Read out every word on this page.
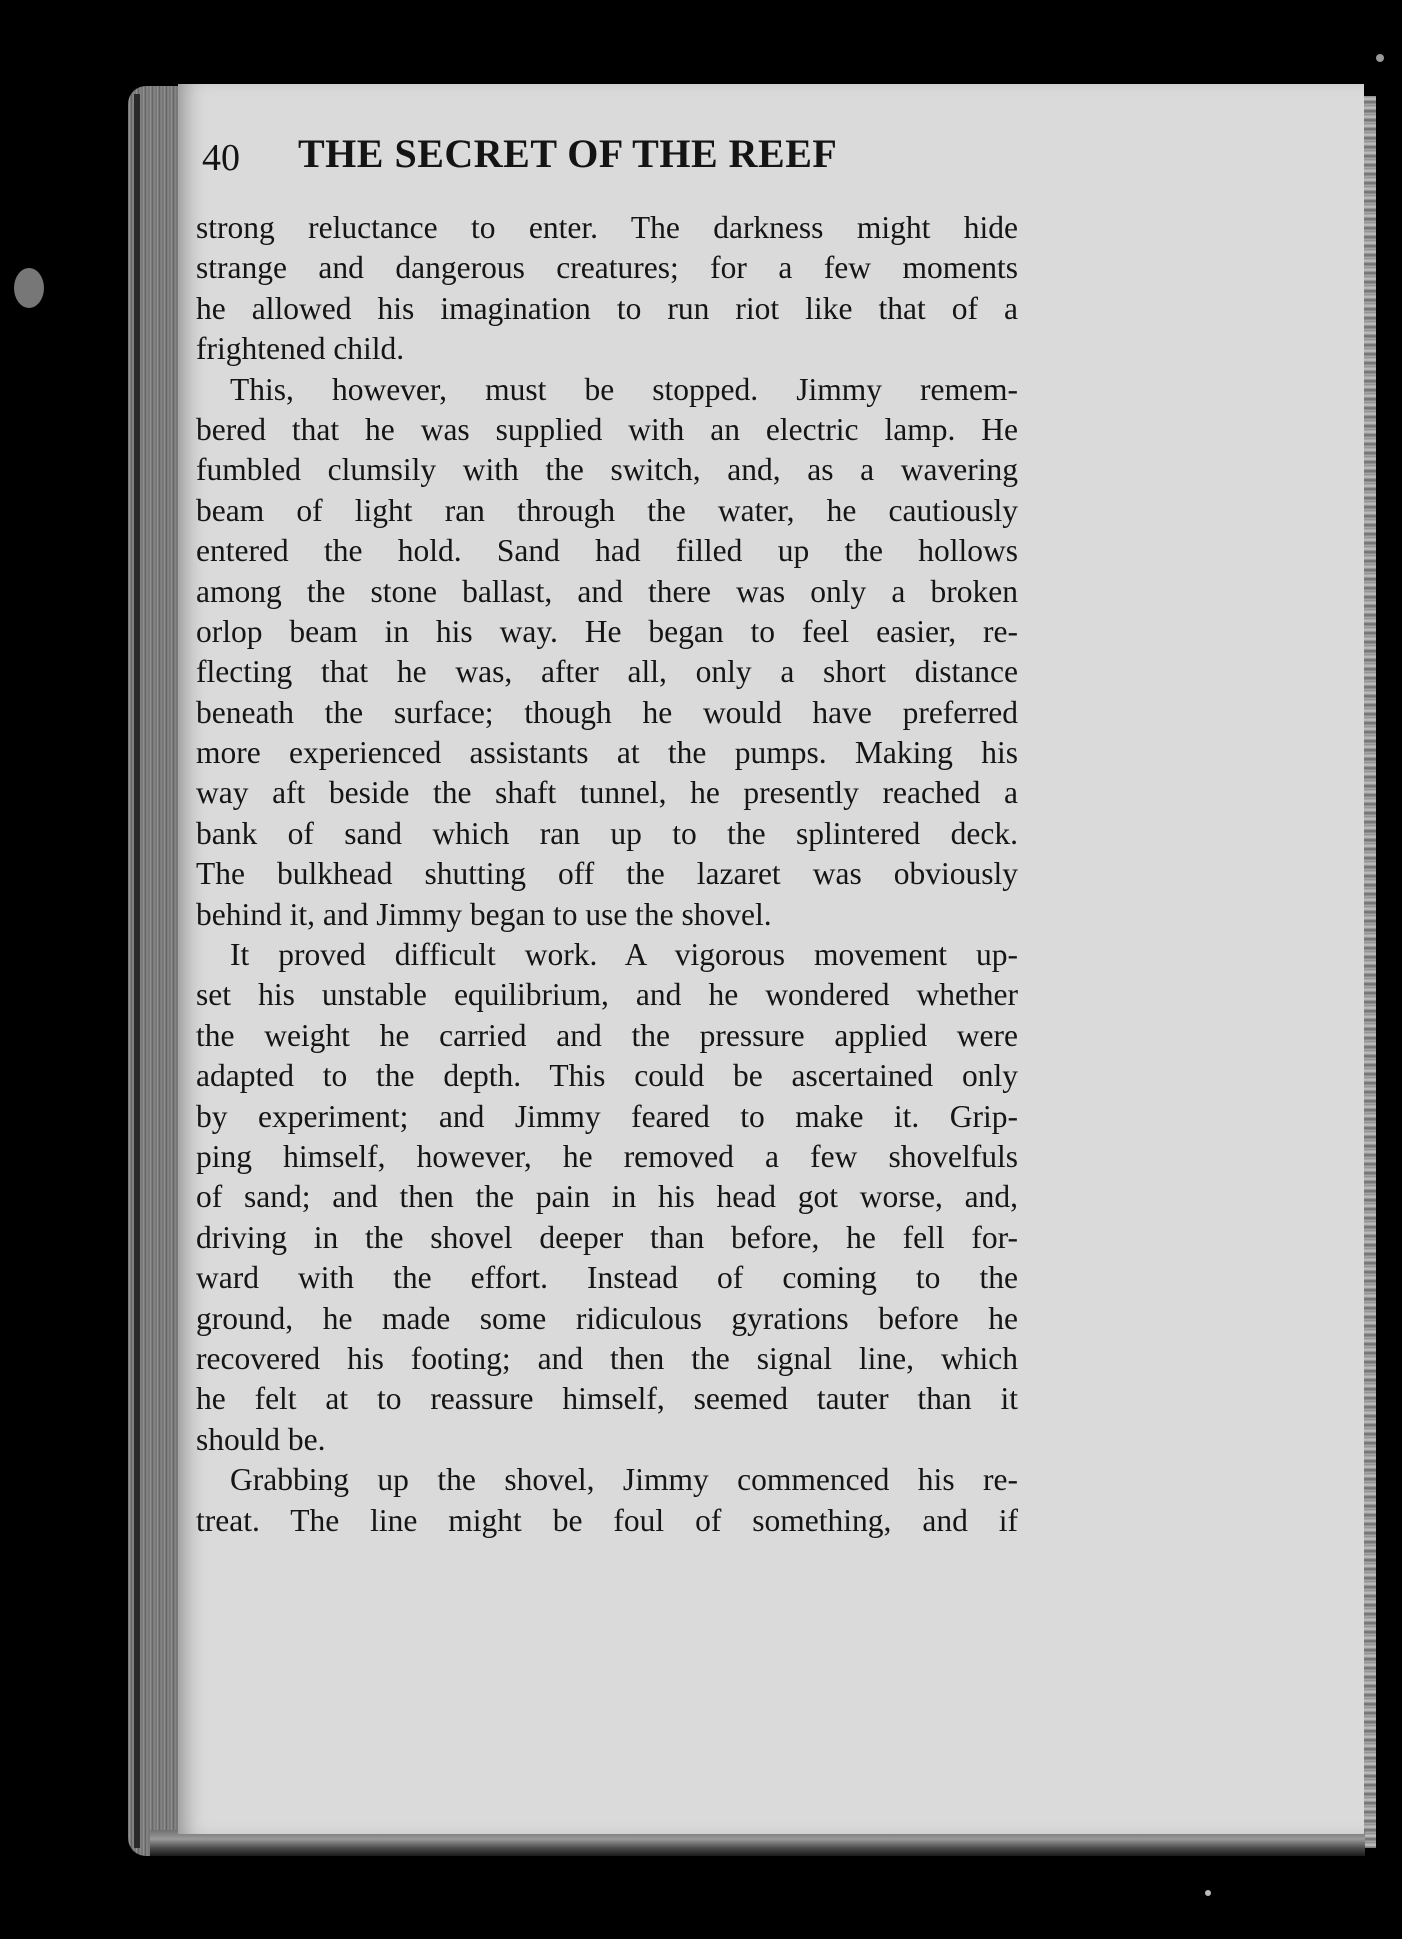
40 THE SECRET OF THE REEF
strong reluctance to enter. The darkness might hide
strange and dangerous creatures; for a few moments
he allowed his imagination to run riot like that of a
frightened child.
This, however, must be stopped. Jimmy remem-
bered that he was supplied with an electric lamp. He
fumbled clumsily with the switch, and, as a wavering
beam of light ran through the water, he cautiously
entered the hold. Sand had filled up the hollows
among the stone ballast, and there was only a broken
orlop beam in his way. He began to feel easier, re-
flecting that he was, after all, only a short distance
beneath the surface; though he would have preferred
more experienced assistants at the pumps. Making his
way aft beside the shaft tunnel, he presently reached a
bank of sand which ran up to the splintered deck.
The bulkhead shutting off the lazaret was obviously
behind it, and Jimmy began to use the shovel.
It proved difficult work. A vigorous movement up-
set his unstable equilibrium, and he wondered whether
the weight he carried and the pressure applied were
adapted to the depth. This could be ascertained only
by experiment; and Jimmy feared to make it. Grip-
ping himself, however, he removed a few shovelfuls
of sand; and then the pain in his head got worse, and,
driving in the shovel deeper than before, he fell for-
ward with the effort. Instead of coming to the
ground, he made some ridiculous gyrations before he
recovered his footing; and then the signal line, which
he felt at to reassure himself, seemed tauter than it
should be.
Grabbing up the shovel, Jimmy commenced his re-
treat. The line might be foul of something, and if
